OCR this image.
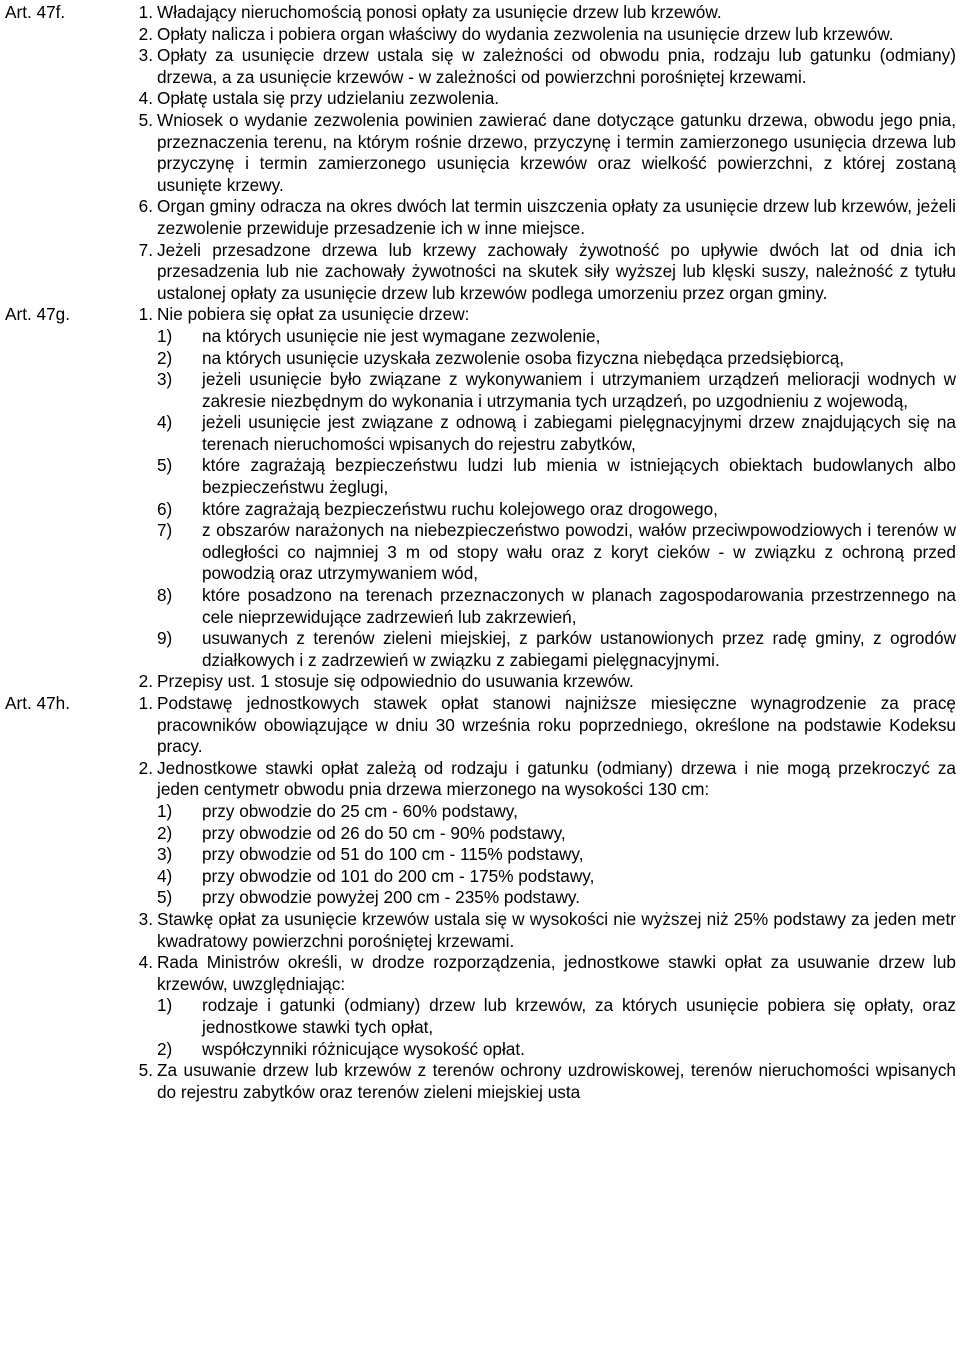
Art. 47f.	1. Władający nieruchomością ponosi opłaty za usunięcie drzew lub krzewów.
2. Opłaty nalicza i pobiera organ właściwy do wydania zezwolenia na usunięcie drzew lub krzewów.
3. Opłaty za usunięcie drzew ustala się w zależności od obwodu pnia, rodzaju lub gatunku (odmiany) drzewa, a za usunięcie krzewów - w zależności od powierzchni porośniętej krzewami.
4. Opłatę ustala się przy udzielaniu zezwolenia.
5. Wniosek o wydanie zezwolenia powinien zawierać dane dotyczące gatunku drzewa, obwodu jego pnia, przeznaczenia terenu, na którym rośnie drzewo, przyczynę i termin zamierzonego usunięcia drzewa lub przyczynę i termin zamierzonego usunięcia krzewów oraz wielkość powierzchni, z której zostaną usunięte krzewy.
6. Organ gminy odracza na okres dwóch lat termin uiszczenia opłaty za usunięcie drzew lub krzewów, jeżeli zezwolenie przewiduje przesadzenie ich w inne miejsce.
7. Jeżeli przesadzone drzewa lub krzewy zachowały żywotność po upływie dwóch lat od dnia ich przesadzenia lub nie zachowały żywotności na skutek siły wyższej lub klęski suszy, należność z tytułu ustalonej opłaty za usunięcie drzew lub krzewów podlega umorzeniu przez organ gminy.
Art. 47g.	1. Nie pobiera się opłat za usunięcie drzew:
1)	na których usunięcie nie jest wymagane zezwolenie,
2)	na których usunięcie uzyskała zezwolenie osoba fizyczna niebędąca przedsiębiorcą,
3)	jeżeli usunięcie było związane z wykonywaniem i utrzymaniem urządzeń melioracji wodnych w zakresie niezbędnym do wykonania i utrzymania tych urządzeń, po uzgodnieniu z wojewodą,
4)	jeżeli usunięcie jest związane z odnową i zabiegami pielęgnacyjnymi drzew znajdujących się na terenach nieruchomości wpisanych do rejestru zabytków,
5)	które zagrażają bezpieczeństwu ludzi lub mienia w istniejących obiektach budowlanych albo bezpieczeństwu żeglugi,
6)	które zagrażają bezpieczeństwu ruchu kolejowego oraz drogowego,
7)	z obszarów narażonych na niebezpieczeństwo powodzi, wałów przeciwpowodziowych i terenów w odległości co najmniej 3 m od stopy wału oraz z koryt cieków - w związku z ochroną przed powodzią oraz utrzymywaniem wód,
8)	które posadzono na terenach przeznaczonych w planach zagospodarowania przestrzennego na cele nieprzewidujące zadrzewień lub zakrzewień,
9)	usuwanych z terenów zieleni miejskiej, z parków ustanowionych przez radę gminy, z ogrodów działkowych i z zadrzewień w związku z zabiegami pielęgnacyjnymi.
2. Przepisy ust. 1 stosuje się odpowiednio do usuwania krzewów.
Art. 47h.	1. Podstawę jednostkowych stawek opłat stanowi najniższe miesięczne wynagrodzenie za pracę pracowników obowiązujące w dniu 30 września roku poprzedniego, określone na podstawie Kodeksu pracy.
2. Jednostkowe stawki opłat zależą od rodzaju i gatunku (odmiany) drzewa i nie mogą przekroczyć za jeden centymetr obwodu pnia drzewa mierzonego na wysokości 130 cm:
1)	przy obwodzie do 25 cm - 60% podstawy,
2)	przy obwodzie od 26 do 50 cm - 90% podstawy,
3)	przy obwodzie od 51 do 100 cm - 115% podstawy,
4)	przy obwodzie od 101 do 200 cm - 175% podstawy,
5)	przy obwodzie powyżej 200 cm - 235% podstawy.
3. Stawkę opłat za usunięcie krzewów ustala się w wysokości nie wyższej niż 25% podstawy za jeden metr kwadratowy powierzchni porośniętej krzewami.
4. Rada Ministrów określi, w drodze rozporządzenia, jednostkowe stawki opłat za usuwanie drzew lub krzewów, uwzględniając:
1)	rodzaje i gatunki (odmiany) drzew lub krzewów, za których usunięcie pobiera się opłaty, oraz jednostkowe stawki tych opłat,
2)	współczynniki różnicujące wysokość opłat.
5. Za usuwanie drzew lub krzewów z terenów ochrony uzdrowiskowej, terenów nieruchomości wpisanych do rejestru zabytków oraz terenów zieleni miejskiej usta
